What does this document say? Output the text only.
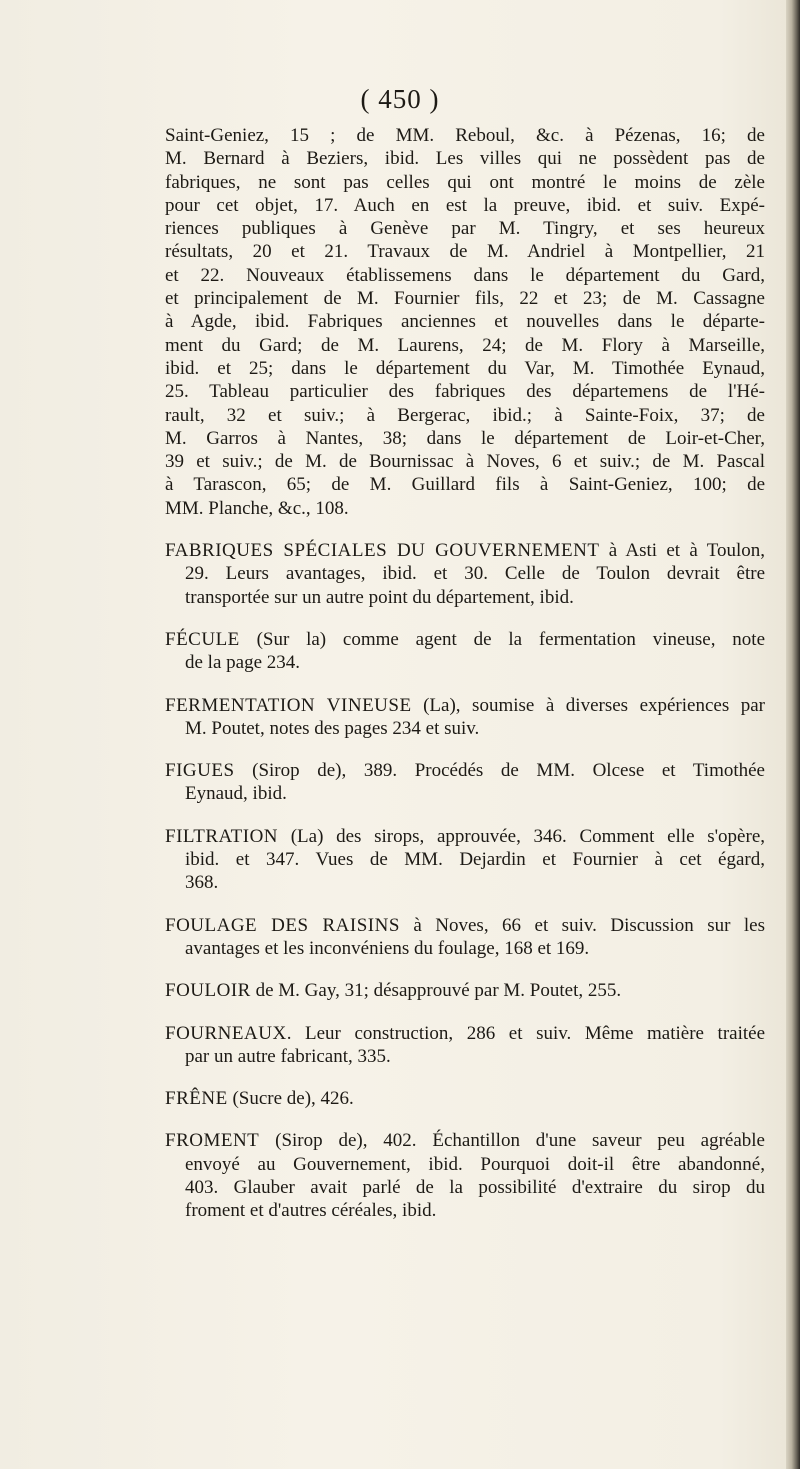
( 450 )
Saint-Geniez, 15 ; de MM. Reboul, &c. à Pézenas, 16; de
M. Bernard à Beziers, ibid. Les villes qui ne possèdent pas de
fabriques, ne sont pas celles qui ont montré le moins de zèle
pour cet objet, 17. Auch en est la preuve, ibid. et suiv. Expé-
riences publiques à Genève par M. Tingry, et ses heureux
résultats, 20 et 21. Travaux de M. Andriel à Montpellier, 21
et 22. Nouveaux établissemens dans le département du Gard,
et principalement de M. Fournier fils, 22 et 23; de M. Cassagne
à Agde, ibid. Fabriques anciennes et nouvelles dans le départe-
ment du Gard; de M. Laurens, 24; de M. Flory à Marseille,
ibid. et 25; dans le département du Var, M. Timothée Eynaud,
25. Tableau particulier des fabriques des départemens de l'Hé-
rault, 32 et suiv.; à Bergerac, ibid.; à Sainte-Foix, 37; de
M. Garros à Nantes, 38; dans le département de Loir-et-Cher,
39 et suiv.; de M. de Bournissac à Noves, 6 et suiv.; de M. Pascal
à Tarascon, 65; de M. Guillard fils à Saint-Geniez, 100; de
MM. Planche, &c., 108.
FABRIQUES SPÉCIALES DU GOUVERNEMENT à Asti et à Toulon,
29. Leurs avantages, ibid. et 30. Celle de Toulon devrait être
transportée sur un autre point du département, ibid.
FÉCULE (Sur la) comme agent de la fermentation vineuse, note
de la page 234.
FERMENTATION VINEUSE (La), soumise à diverses expériences par
M. Poutet, notes des pages 234 et suiv.
FIGUES (Sirop de), 389. Procédés de MM. Olcese et Timothée
Eynaud, ibid.
FILTRATION (La) des sirops, approuvée, 346. Comment elle s'opère,
ibid. et 347. Vues de MM. Dejardin et Fournier à cet égard,
368.
FOULAGE DES RAISINS à Noves, 66 et suiv. Discussion sur les
avantages et les inconvéniens du foulage, 168 et 169.
FOULOIR de M. Gay, 31; désapprouvé par M. Poutet, 255.
FOURNEAUX. Leur construction, 286 et suiv. Même matière traitée
par un autre fabricant, 335.
FRÊNE (Sucre de), 426.
FROMENT (Sirop de), 402. Échantillon d'une saveur peu agréable
envoyé au Gouvernement, ibid. Pourquoi doit-il être abandonné,
403. Glauber avait parlé de la possibilité d'extraire du sirop du
froment et d'autres céréales, ibid.
